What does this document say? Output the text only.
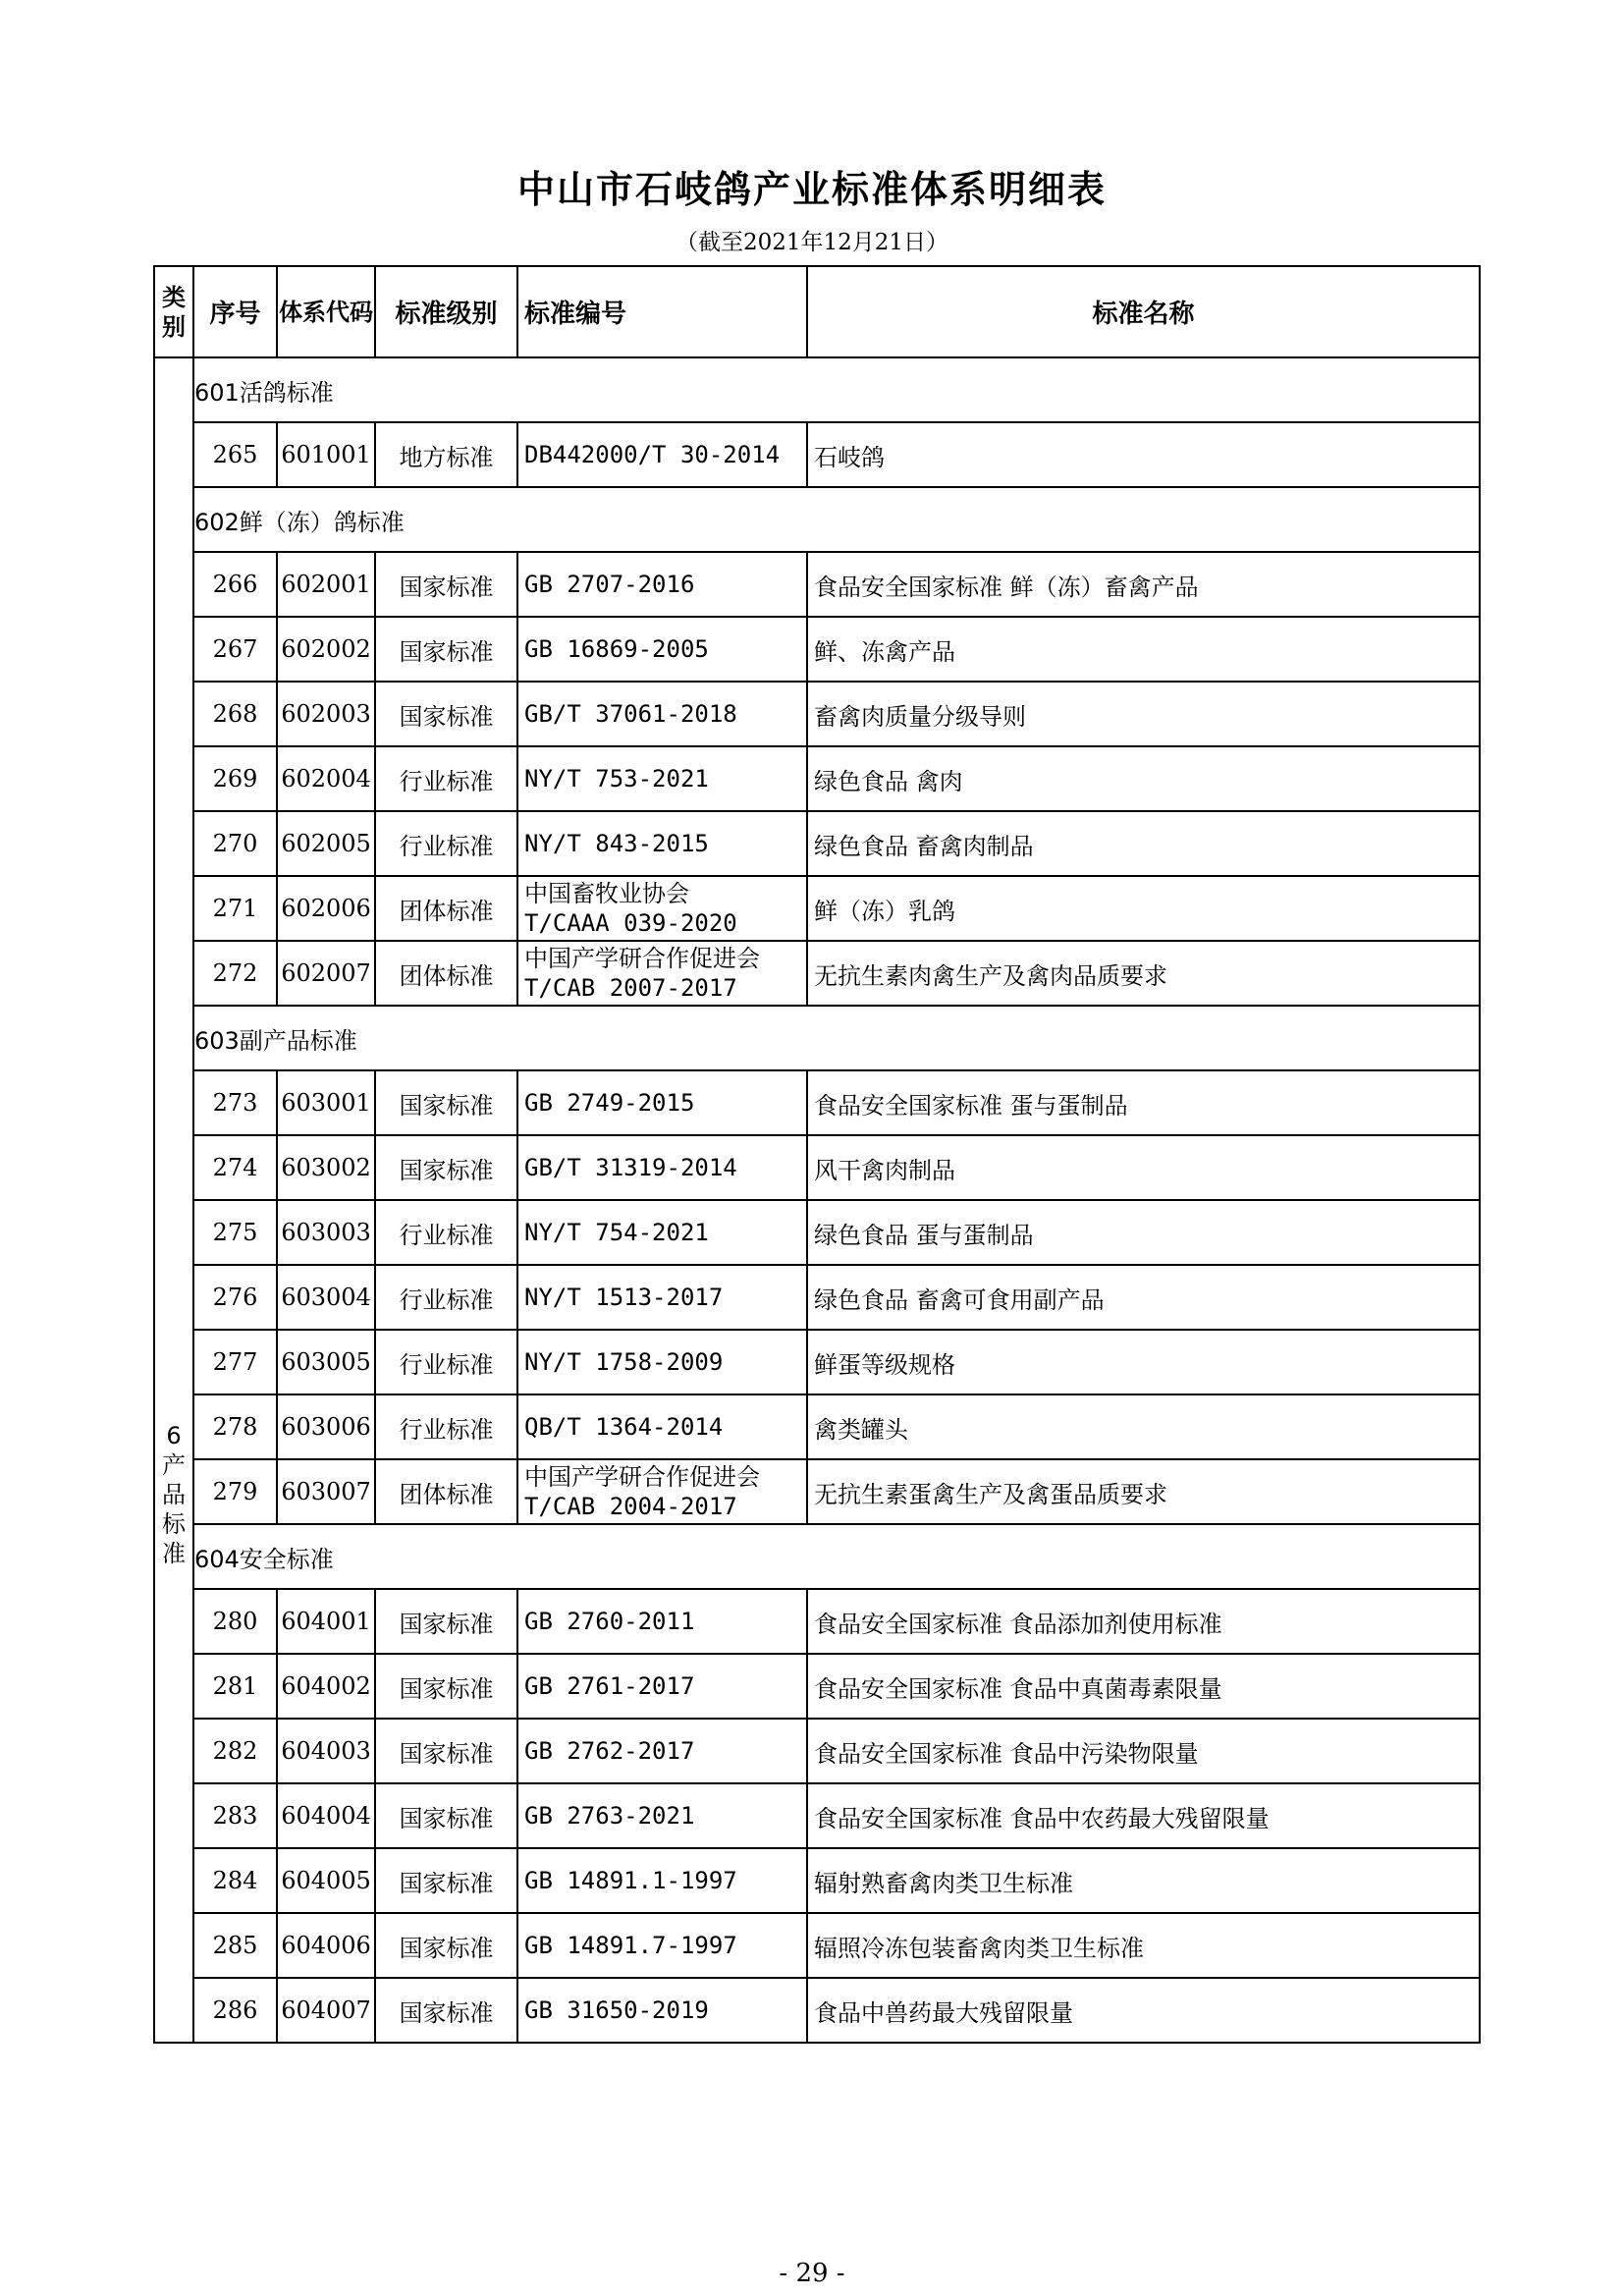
中山市石岐鸽产业标准体系明细表
（截至2021年12月21日）
类别	序号	体系代码	标准级别	标准编号	标准名称

6
产
品
标
准	601活鸽标准				
	265	601001	地方标准	DB442000/T 30-2014	石岐鸽
	602鲜（冻）鸽标准				
	266	602001	国家标准	GB 2707-2016	食品安全国家标准 鲜（冻）畜禽产品
	267	602002	国家标准	GB 16869-2005	鲜、冻禽产品
	268	602003	国家标准	GB/T 37061-2018	畜禽肉质量分级导则
	269	602004	行业标准	NY/T 753-2021	绿色食品 禽肉
	270	602005	行业标准	NY/T 843-2015	绿色食品 畜禽肉制品
	271	602006	团体标准	中国畜牧业协会
T/CAAA 039-2020	鲜（冻）乳鸽
	272	602007	团体标准	中国产学研合作促进会
T/CAB 2007-2017	无抗生素肉禽生产及禽肉品质要求
	603副产品标准				
	273	603001	国家标准	GB 2749-2015	食品安全国家标准 蛋与蛋制品
	274	603002	国家标准	GB/T 31319-2014	风干禽肉制品
	275	603003	行业标准	NY/T 754-2021	绿色食品 蛋与蛋制品
	276	603004	行业标准	NY/T 1513-2017	绿色食品 畜禽可食用副产品
	277	603005	行业标准	NY/T 1758-2009	鲜蛋等级规格
	278	603006	行业标准	QB/T 1364-2014	禽类罐头
	279	603007	团体标准	中国产学研合作促进会
T/CAB 2004-2017	无抗生素蛋禽生产及禽蛋品质要求
	604安全标准				
	280	604001	国家标准	GB 2760-2011	食品安全国家标准 食品添加剂使用标准
	281	604002	国家标准	GB 2761-2017	食品安全国家标准 食品中真菌毒素限量
	282	604003	国家标准	GB 2762-2017	食品安全国家标准 食品中污染物限量
	283	604004	国家标准	GB 2763-2021	食品安全国家标准 食品中农药最大残留限量
	284	604005	国家标准	GB 14891.1-1997	辐射熟畜禽肉类卫生标准
	285	604006	国家标准	GB 14891.7-1997	辐照冷冻包装畜禽肉类卫生标准
	286	604007	国家标准	GB 31650-2019	食品中兽药最大残留限量
- 29 -
